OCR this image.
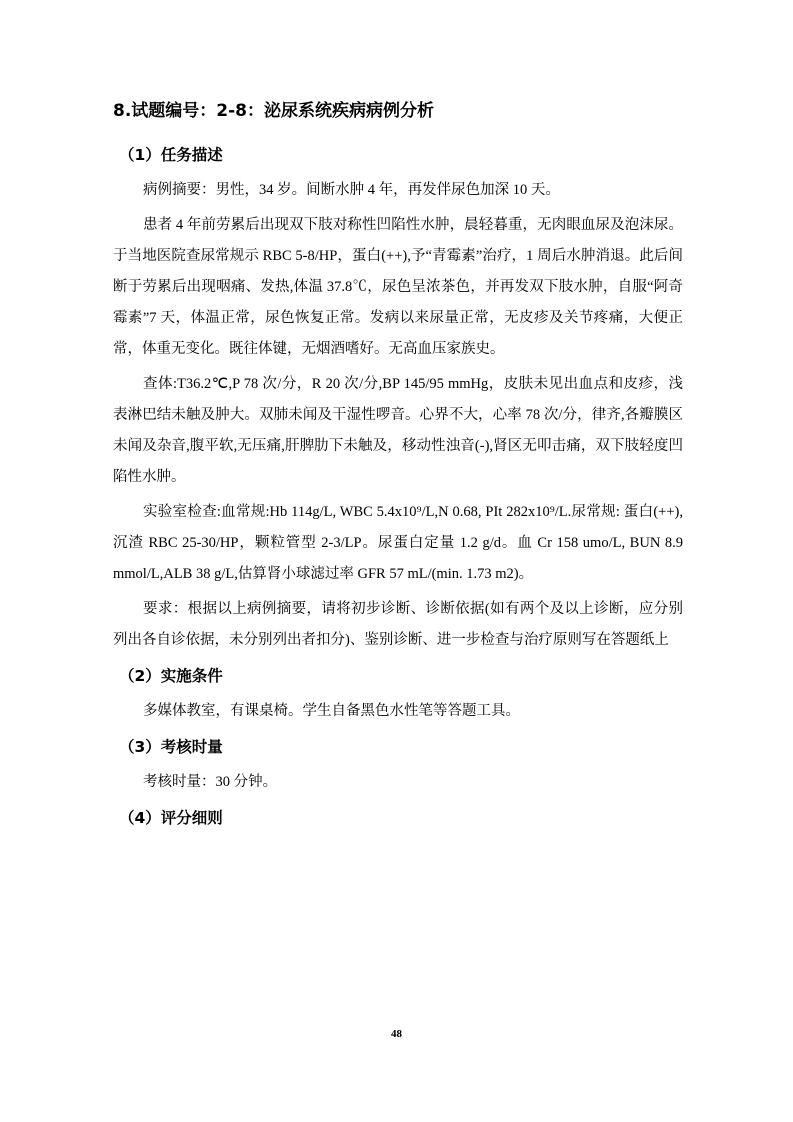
8.试题编号：2-8：泌尿系统疾病病例分析
（1）任务描述

病例摘要：男性，34 岁。间断水肿 4 年，再发伴尿色加深 10 天。

患者 4 年前劳累后出现双下肢对称性凹陷性水肿，晨轻暮重，无肉眼血尿及泡沫尿。于当地医院查尿常规示 RBC 5-8/HP，蛋白(++),予“青霉素”治疗，1 周后水肿消退。此后间断于劳累后出现咽痛、发热,体温 37.8℃，尿色呈浓茶色，并再发双下肢水肿，自服“阿奇霉素”7 天，体温正常，尿色恢复正常。发病以来尿量正常，无皮疹及关节疼痛，大便正常，体重无变化。既往体键，无烟酒嗜好。无高血压家族史。

查体:T36.2℃,P 78 次/分，R 20 次/分,BP 145/95 mmHg，皮肤未见出血点和皮疹，浅表淋巴结未触及肿大。双肺未闻及干湿性啰音。心界不大，心率 78 次/分，律齐,各瓣膜区未闻及杂音,腹平软,无压痛,肝脾肋下未触及，移动性浊音(-),肾区无叩击痛，双下肢轻度凹陷性水肿。

实验室检查:血常规:Hb 114g/L, WBC 5.4x10⁹/L,N 0.68, PIt 282x10⁹/L.尿常规: 蛋白(++),沉渣 RBC 25-30/HP，颗粒管型 2-3/LP。尿蛋白定量 1.2 g/d。血 Cr 158 umo/L, BUN 8.9 mmol/L,ALB 38 g/L,估算肾小球滤过率 GFR 57 mL/(min. 1.73 m2)。

要求：根据以上病例摘要，请将初步诊断、诊断依据(如有两个及以上诊断，应分别列出各自诊依据，未分别列出者扣分)、鉴别诊断、进一步检查与治疗原则写在答题纸上

（2）实施条件

多媒体教室，有课桌椅。学生自备黑色水性笔等答题工具。

（3）考核时量

考核时量：30 分钟。

（4）评分细则
48
